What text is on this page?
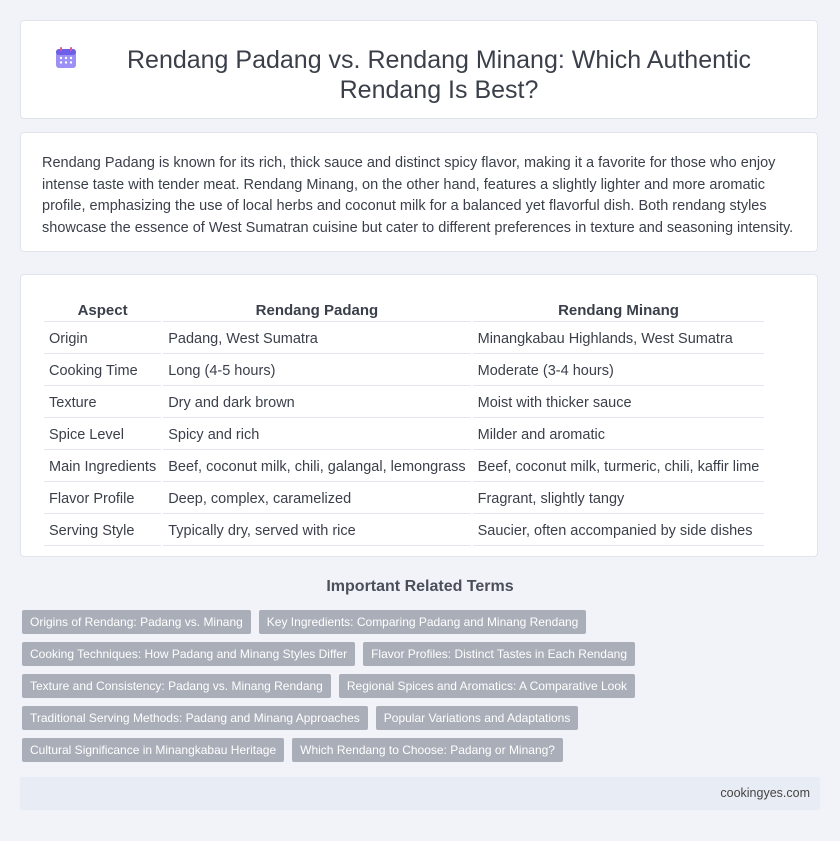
Rendang Padang vs. Rendang Minang: Which Authentic Rendang Is Best?

Rendang Padang is known for its rich, thick sauce and distinct spicy flavor, making it a favorite for those who enjoy intense taste with tender meat. Rendang Minang, on the other hand, features a slightly lighter and more aromatic profile, emphasizing the use of local herbs and coconut milk for a balanced yet flavorful dish. Both rendang styles showcase the essence of West Sumatran cuisine but cater to different preferences in texture and seasoning intensity.

Aspect	Rendang Padang	Rendang Minang
Origin	Padang, West Sumatra	Minangkabau Highlands, West Sumatra
Cooking Time	Long (4-5 hours)	Moderate (3-4 hours)
Texture	Dry and dark brown	Moist with thicker sauce
Spice Level	Spicy and rich	Milder and aromatic
Main Ingredients	Beef, coconut milk, chili, galangal, lemongrass	Beef, coconut milk, turmeric, chili, kaffir lime
Flavor Profile	Deep, complex, caramelized	Fragrant, slightly tangy
Serving Style	Typically dry, served with rice	Saucier, often accompanied by side dishes
Important Related Terms
Origins of Rendang: Padang vs. Minang	Key Ingredients: Comparing Padang and Minang Rendang
Cooking Techniques: How Padang and Minang Styles Differ	Flavor Profiles: Distinct Tastes in Each Rendang
Texture and Consistency: Padang vs. Minang Rendang	Regional Spices and Aromatics: A Comparative Look
Traditional Serving Methods: Padang and Minang Approaches	Popular Variations and Adaptations
Cultural Significance in Minangkabau Heritage	Which Rendang to Choose: Padang or Minang?
cookingyes.com
